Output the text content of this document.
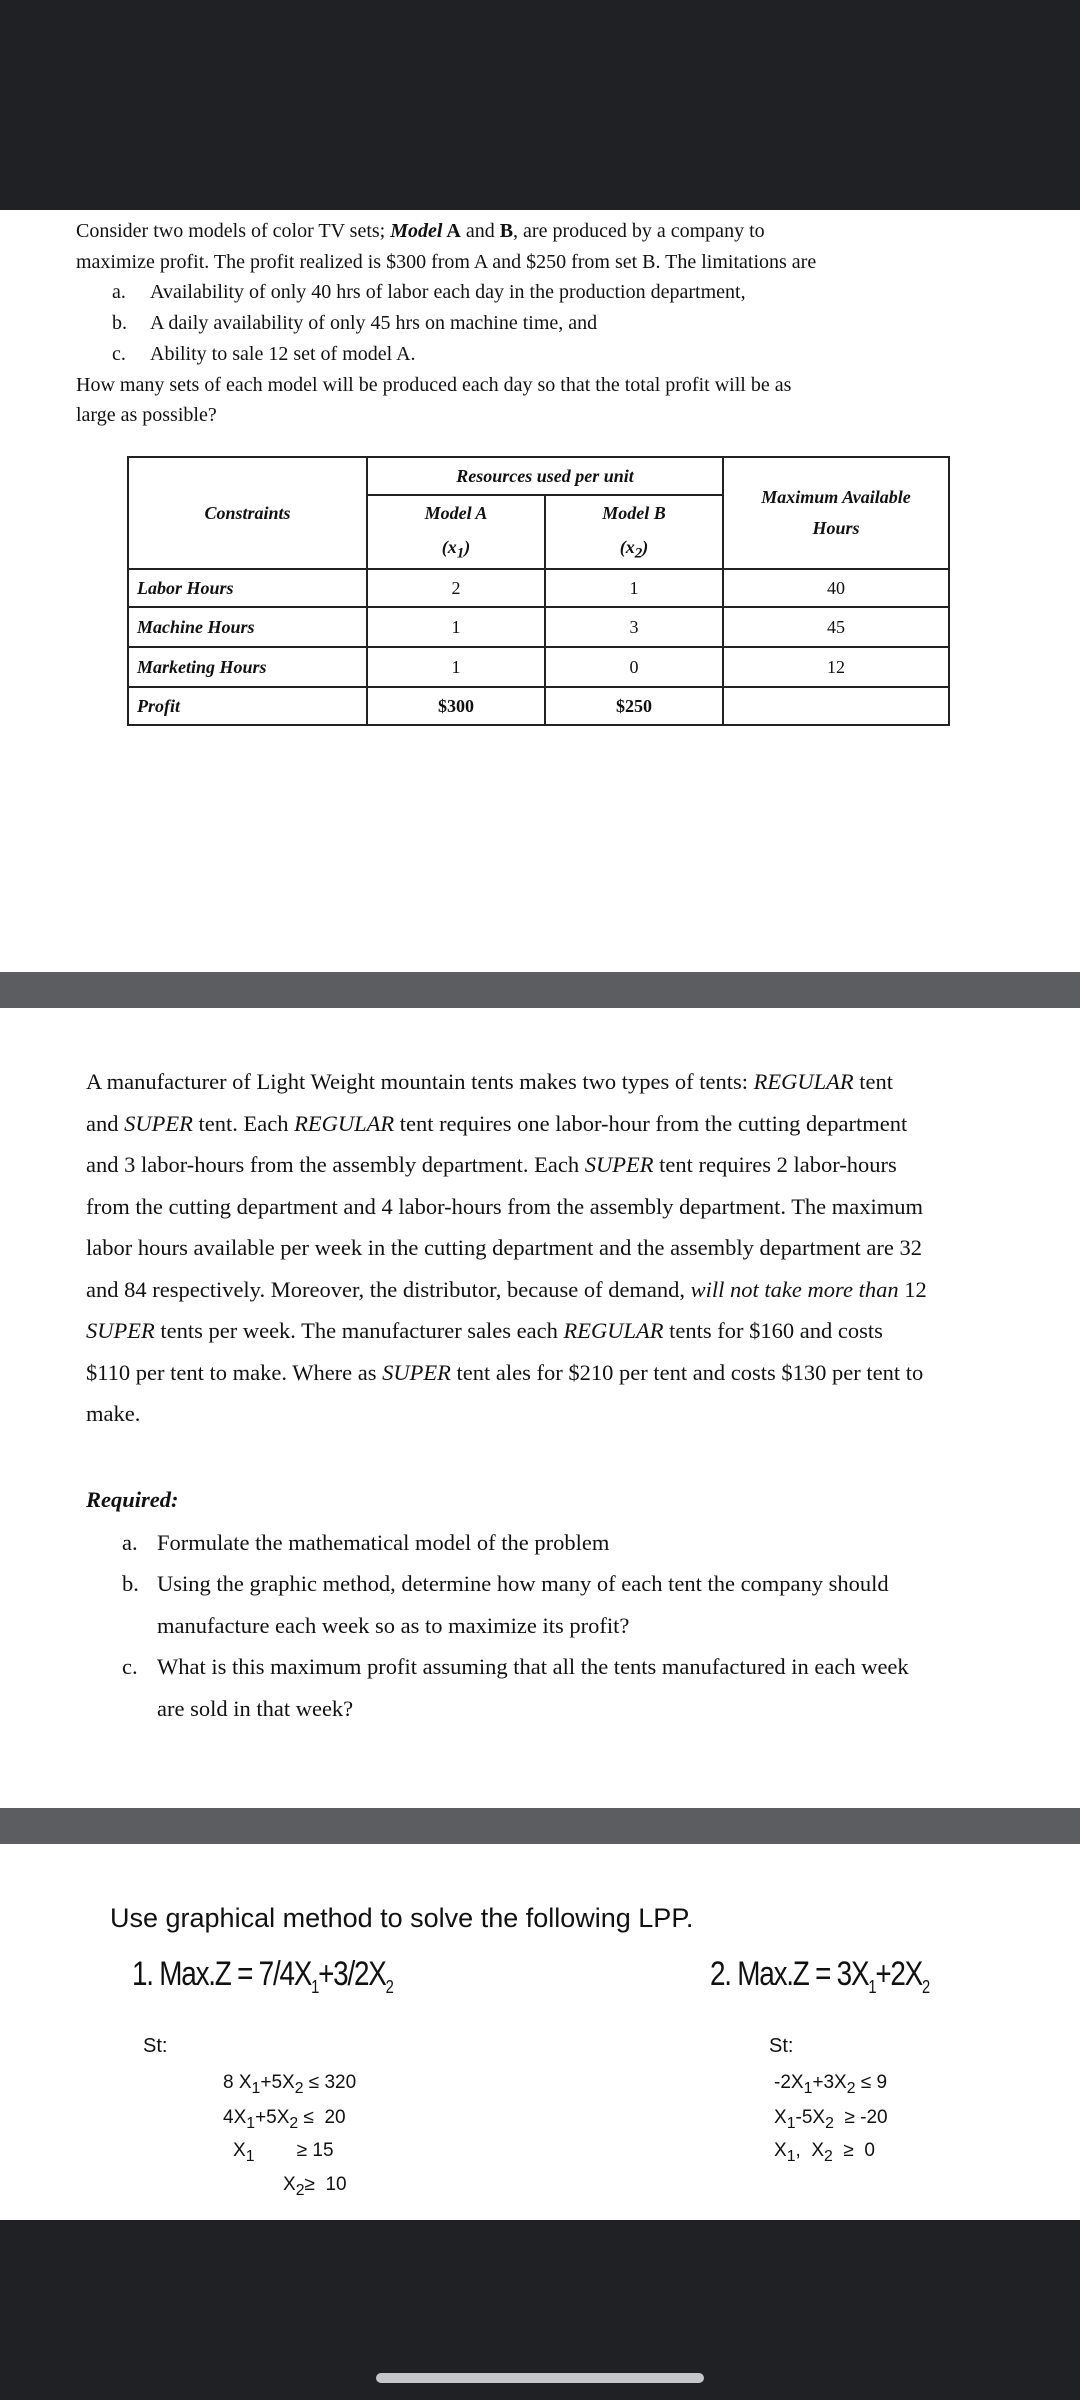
Consider two models of color TV sets; Model A and B, are produced by a company to
maximize profit. The profit realized is $300 from A and $250 from set B. The limitations are
a. Availability of only 40 hrs of labor each day in the production department,
b. A daily availability of only 45 hrs on machine time, and
c. Ability to sale 12 set of model A.
How many sets of each model will be produced each day so that the total profit will be as
large as possible?
Constraints	Resources used per unit		Maximum Available
Hours

	Model A	Model B	
	$(x_1)$	$(x_2)$	
Labor Hours	2	1	40
Machine Hours	1	3	45
Marketing Hours	1	0	12
Profit	$300	$250	
A manufacturer of Light Weight mountain tents makes two types of tents: REGULAR tent
and SUPER tent. Each REGULAR tent requires one labor-hour from the cutting department
and 3 labor-hours from the assembly department. Each SUPER tent requires 2 labor-hours
from the cutting department and 4 labor-hours from the assembly department. The maximum
labor hours available per week in the cutting department and the assembly department are 32
and 84 respectively. Moreover, the distributor, because of demand, will not take more than 12
SUPER tents per week. The manufacturer sales each REGULAR tents for $160 and costs
$110 per tent to make. Where as SUPER tent ales for $210 per tent and costs $130 per tent to
make.
Required:
a. Formulate the mathematical model of the problem
b. Using the graphic method, determine how many of each tent the company should
manufacture each week so as to maximize its profit?
c. What is this maximum profit assuming that all the tents manufactured in each week
are sold in that week?
Use graphical method to solve the following LPP.
1. $Max.Z = 7/4X_1+3/2X_2$	2. $Max.Z = 3X_1+2X_2$
St:	St:
8 $X_1+5X_2 \le 320$
$4X_1+5X_2 \le 20$
$X_1$        ≥ 15
$X_2\ge 10$
$-2X_1+3X_2 \le 9$
$X_1-5X_2 \ge -20$
$X_1$,  $X_2 \ge 0$
